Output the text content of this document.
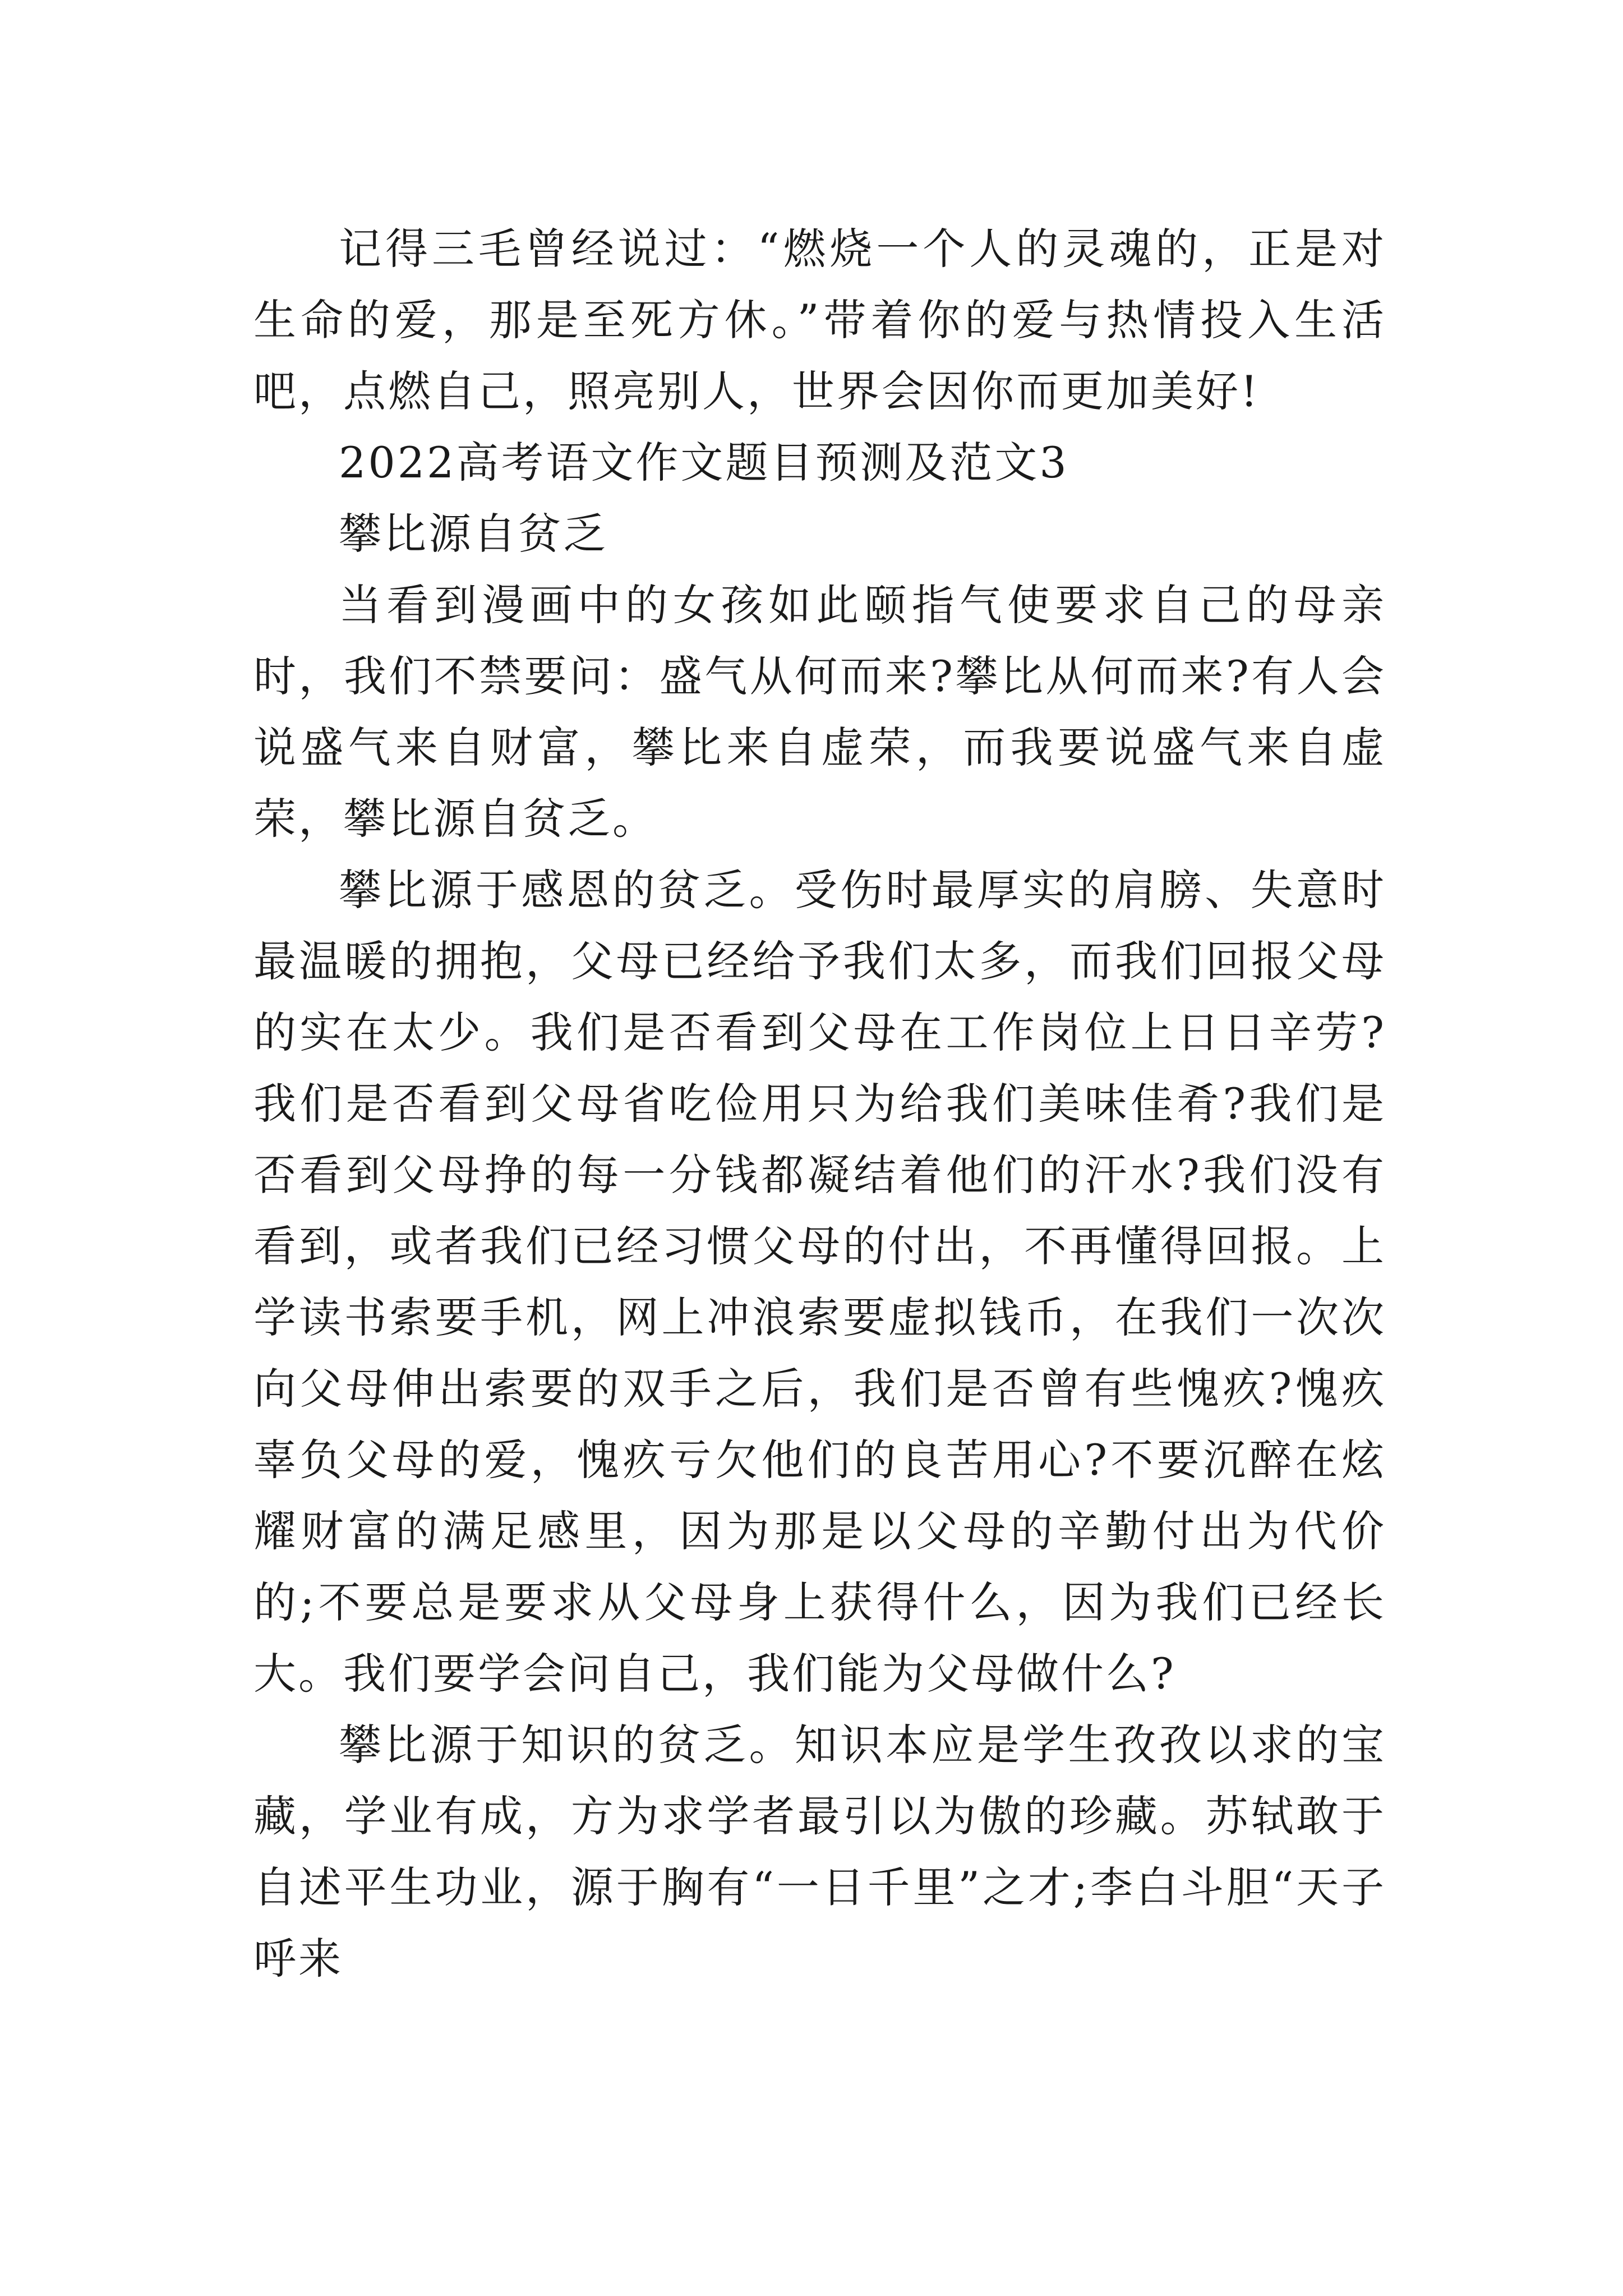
记得三毛曾经说过：“燃烧一个人的灵魂的，正是对生命的爱，那是至死方休。”带着你的爱与热情投入生活吧，点燃自己，照亮别人，世界会因你而更加美好!

2022高考语文作文题目预测及范文3

攀比源自贫乏

当看到漫画中的女孩如此颐指气使要求自己的母亲时，我们不禁要问：盛气从何而来?攀比从何而来?有人会说盛气来自财富，攀比来自虚荣，而我要说盛气来自虚荣，攀比源自贫乏。

攀比源于感恩的贫乏。受伤时最厚实的肩膀、失意时最温暖的拥抱，父母已经给予我们太多，而我们回报父母的实在太少。我们是否看到父母在工作岗位上日日辛劳?我们是否看到父母省吃俭用只为给我们美味佳肴?我们是否看到父母挣的每一分钱都凝结着他们的汗水?我们没有看到，或者我们已经习惯父母的付出，不再懂得回报。上学读书索要手机，网上冲浪索要虚拟钱币，在我们一次次向父母伸出索要的双手之后，我们是否曾有些愧疚?愧疚辜负父母的爱，愧疚亏欠他们的良苦用心?不要沉醉在炫耀财富的满足感里，因为那是以父母的辛勤付出为代价的;不要总是要求从父母身上获得什么，因为我们已经长大。我们要学会问自己，我们能为父母做什么?

攀比源于知识的贫乏。知识本应是学生孜孜以求的宝藏，学业有成，方为求学者最引以为傲的珍藏。苏轼敢于自述平生功业，源于胸有“一日千里”之才;李白斗胆“天子呼来
